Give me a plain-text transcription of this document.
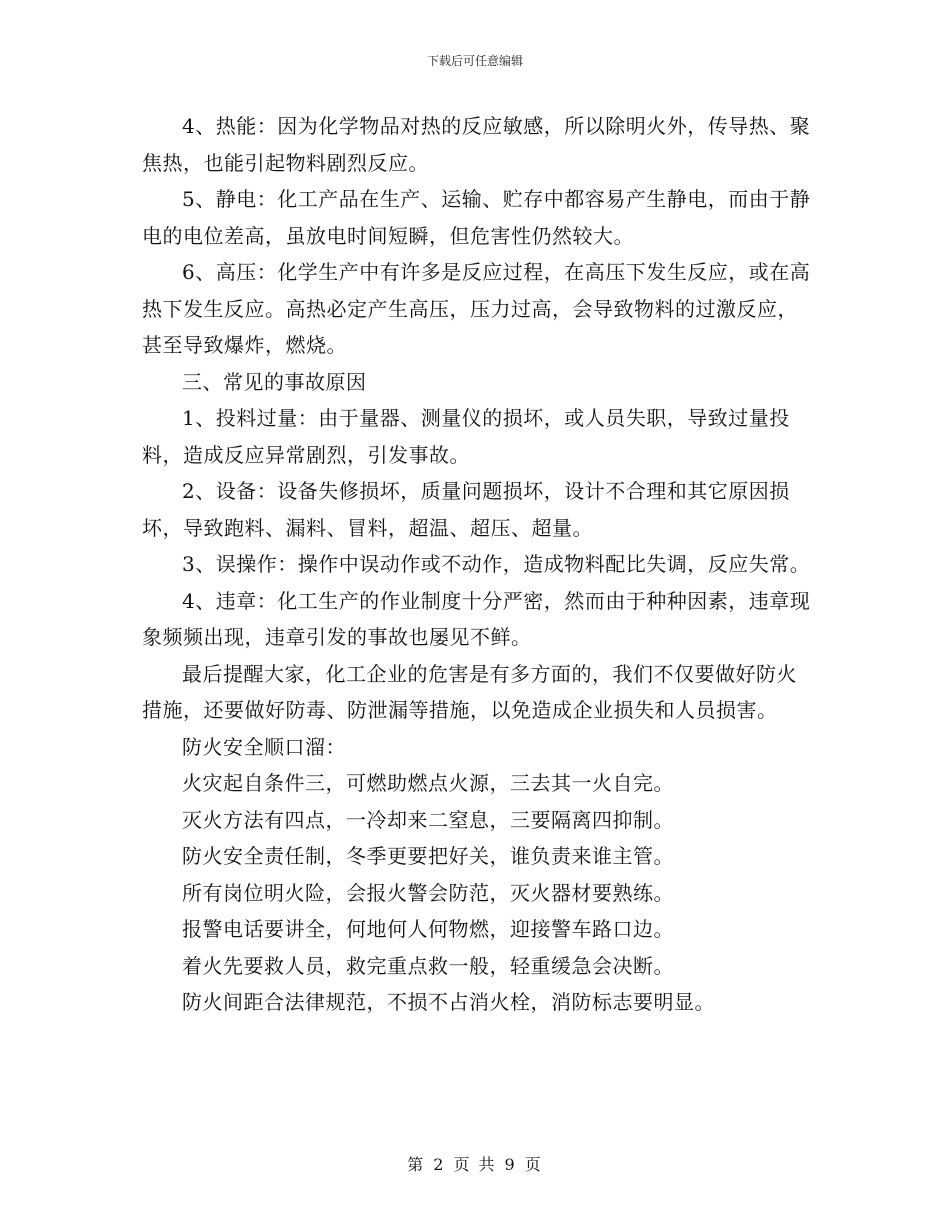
下载后可任意编辑

4、热能：因为化学物品对热的反应敏感，所以除明火外，传导热、聚焦热，也能引起物料剧烈反应。

5、静电：化工产品在生产、运输、贮存中都容易产生静电，而由于静电的电位差高，虽放电时间短瞬，但危害性仍然较大。

6、高压：化学生产中有许多是反应过程，在高压下发生反应，或在高热下发生反应。高热必定产生高压，压力过高，会导致物料的过激反应，甚至导致爆炸，燃烧。

三、常见的事故原因

1、投料过量：由于量器、测量仪的损坏，或人员失职，导致过量投料，造成反应异常剧烈，引发事故。

2、设备：设备失修损坏，质量问题损坏，设计不合理和其它原因损坏，导致跑料、漏料、冒料，超温、超压、超量。

3、误操作：操作中误动作或不动作，造成物料配比失调，反应失常。

4、违章：化工生产的作业制度十分严密，然而由于种种因素，违章现象频频出现，违章引发的事故也屡见不鲜。

最后提醒大家，化工企业的危害是有多方面的，我们不仅要做好防火措施，还要做好防毒、防泄漏等措施，以免造成企业损失和人员损害。

防火安全顺口溜：

火灾起自条件三，可燃助燃点火源，三去其一火自完。

灭火方法有四点，一冷却来二窒息，三要隔离四抑制。

防火安全责任制，冬季更要把好关，谁负责来谁主管。

所有岗位明火险，会报火警会防范，灭火器材要熟练。

报警电话要讲全，何地何人何物燃，迎接警车路口边。

着火先要救人员，救完重点救一般，轻重缓急会决断。

防火间距合法律规范，不损不占消火栓，消防标志要明显。

第 2 页 共 9 页
